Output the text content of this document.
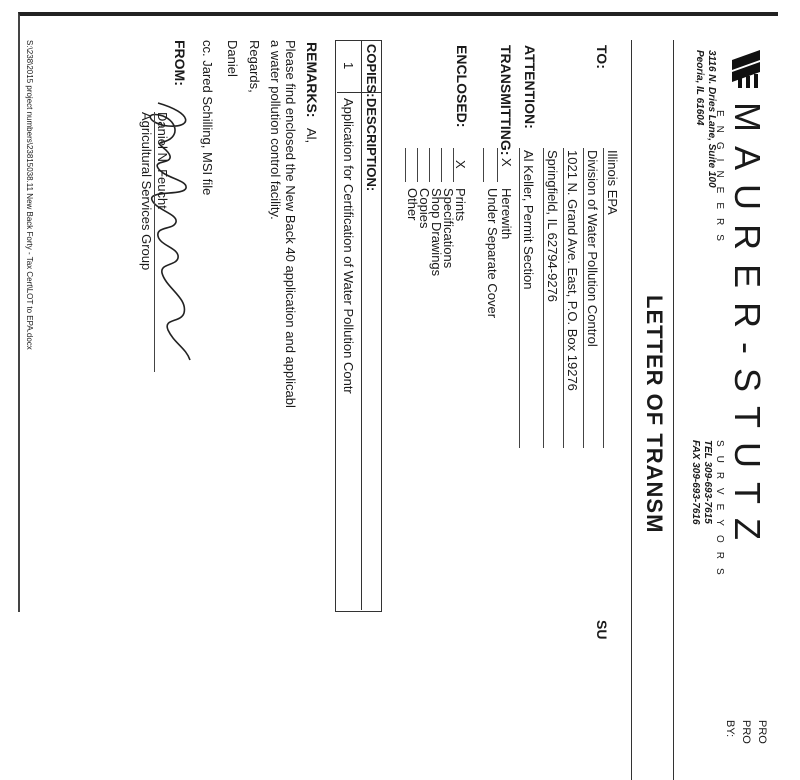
MAURER-STUTZ
ENGINEERS
SURVEYORS
3116 N. Dries Lane, Suite 100
Peoria, IL 61604
TEL 309-693-7615
FAX 309-693-7616
PRO
PRO
BY:
LETTER OF TRANSM
TO:
SU
Illinois EPA
Division of Water Pollution Control
1021 N. Grand Ave. East, P.O. Box 19276
Springfield, IL 62794-9276
ATTENTION:
Al Keller, Permit Section
TRANSMITTING:
X
Herewith
Under Separate Cover
ENCLOSED:
X
Prints
Specifications
Shop Drawings
Copies
Other
COPIES:
DESCRIPTION:
1
Application for Certification of Water Pollution Contr
REMARKS:
Al,
Please find enclosed the New Back 40 application and applicabl
a water pollution control facility.
Regards,
Daniel
cc. Jared Schilling, MSI file
FROM:
Daniel N. Feucht
Agricultural Services Group
S:\238\2015 project numbers\23815038.11 New Back Forty - Tax Cert\LOT to EPA.docx
